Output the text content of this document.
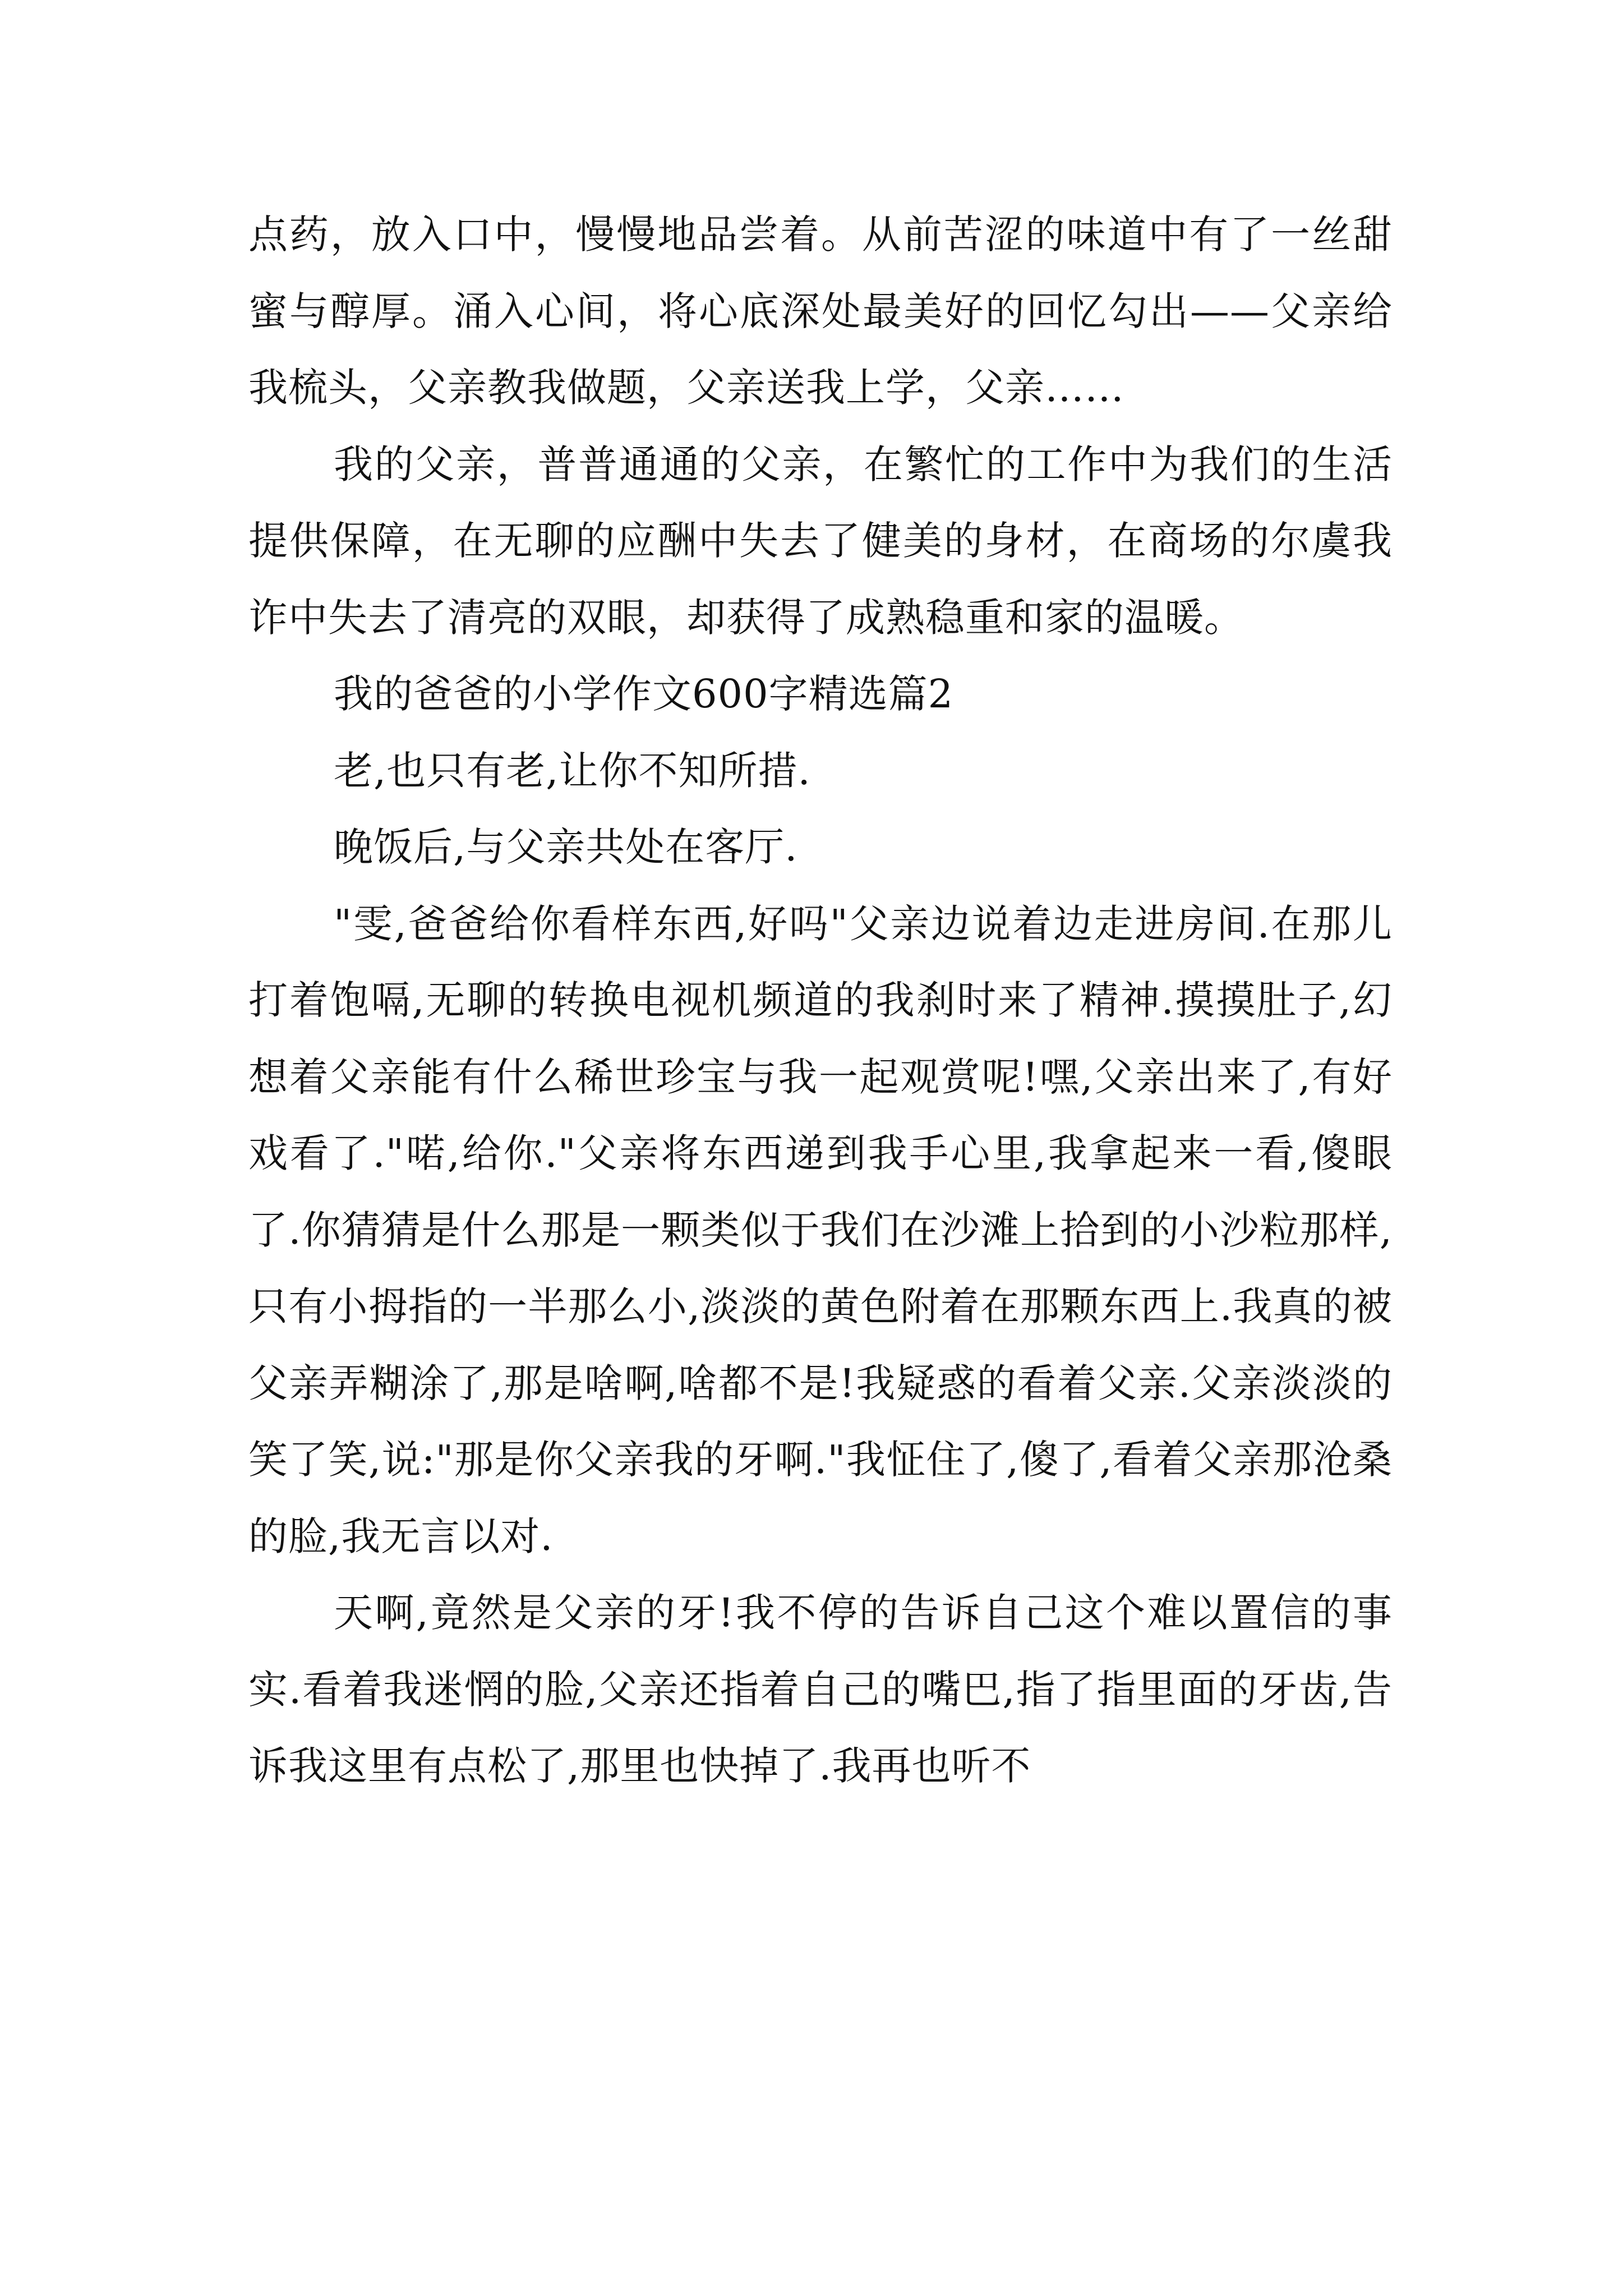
点药，放入口中，慢慢地品尝着。从前苦涩的味道中有了一丝甜蜜与醇厚。涌入心间，将心底深处最美好的回忆勾出——父亲给我梳头，父亲教我做题，父亲送我上学，父亲……

我的父亲，普普通通的父亲，在繁忙的工作中为我们的生活提供保障，在无聊的应酬中失去了健美的身材，在商场的尔虞我诈中失去了清亮的双眼，却获得了成熟稳重和家的温暖。

我的爸爸的小学作文600字精选篇2

老,也只有老,让你不知所措.

晚饭后,与父亲共处在客厅.

"雯,爸爸给你看样东西,好吗"父亲边说着边走进房间.在那儿打着饱嗝,无聊的转换电视机频道的我刹时来了精神.摸摸肚子,幻想着父亲能有什么稀世珍宝与我一起观赏呢!嘿,父亲出来了,有好戏看了."喏,给你."父亲将东西递到我手心里,我拿起来一看,傻眼了.你猜猜是什么那是一颗类似于我们在沙滩上拾到的小沙粒那样,只有小拇指的一半那么小,淡淡的黄色附着在那颗东西上.我真的被父亲弄糊涂了,那是啥啊,啥都不是!我疑惑的看着父亲.父亲淡淡的笑了笑,说:"那是你父亲我的牙啊."我怔住了,傻了,看着父亲那沧桑的脸,我无言以对.

天啊,竟然是父亲的牙!我不停的告诉自己这个难以置信的事实.看着我迷惘的脸,父亲还指着自己的嘴巴,指了指里面的牙齿,告诉我这里有点松了,那里也快掉了.我再也听不
